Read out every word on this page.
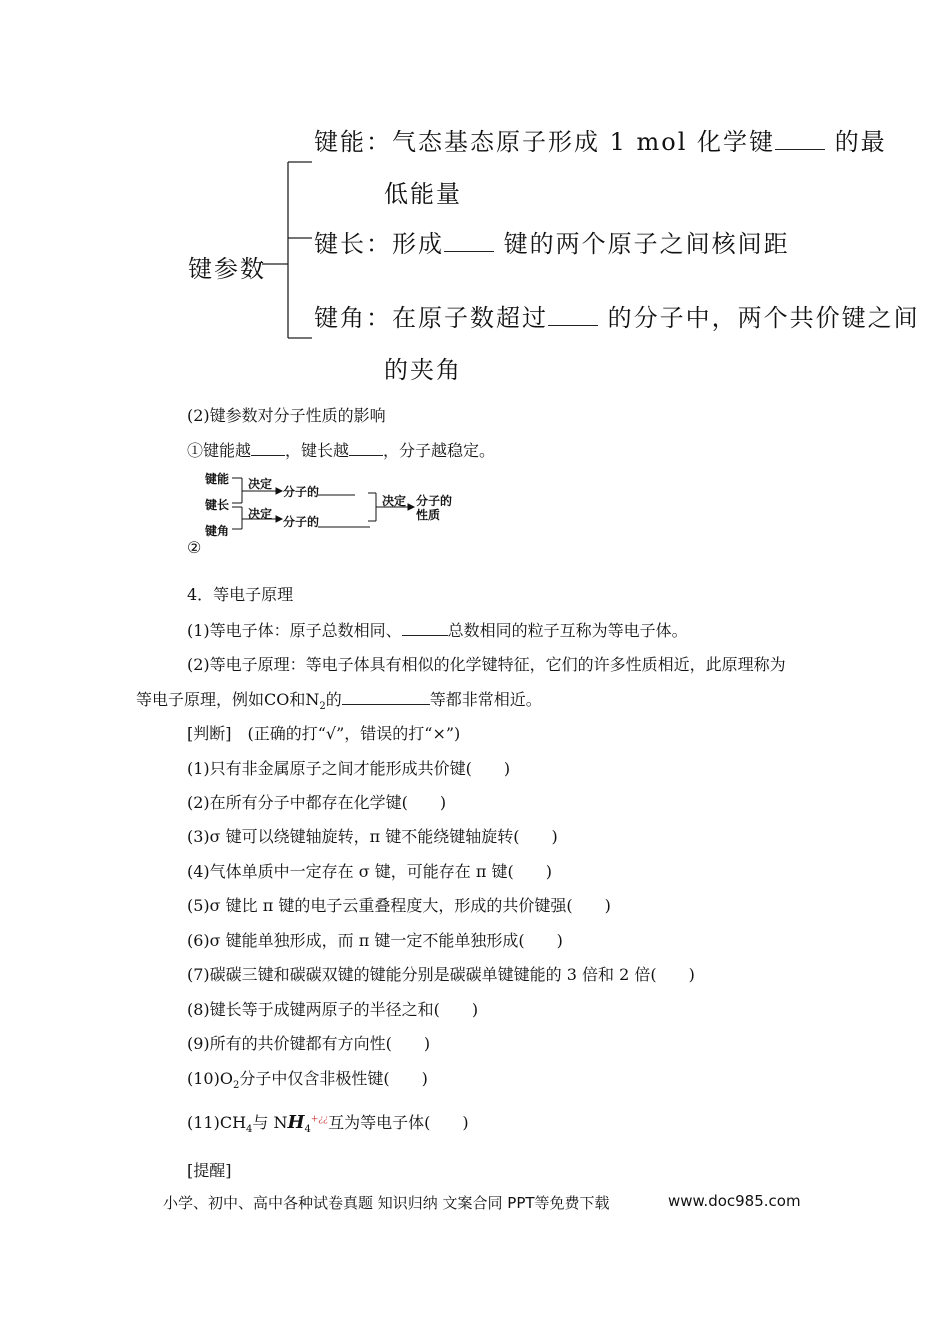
键参数
键能：气态基态原子形成 1 mol 化学键 的最
低能量
键长：形成 键的两个原子之间核间距
键角：在原子数超过 的分子中，两个共价键之间
的夹角
(2)键参数对分子性质的影响
①键能越 ，键长越 ，分子越稳定。
键能
键长
键角
决定
分子的
决定
分子的
决定 分子的
性质
②
4．等电子原理
(1)等电子体：原子总数相同、	总数相同的粒子互称为等电子体。
(2)等电子原理：等电子体具有相似的化学键特征，它们的许多性质相近，此原理称为
等电子原理，例如CO和$N_2$的	等都非常相近。
[判断]　(正确的打“√”，错误的打“×”)
(1)只有非金属原子之间才能形成共价键(　　)
(2)在所有分子中都存在化学键(　　)
(3)σ 键可以绕键轴旋转，π 键不能绕键轴旋转(　　)
(4)气体单质中一定存在 σ 键，可能存在 π 键(　　)
(5)σ 键比 π 键的电子云重叠程度大，形成的共价键强(　　)
(6)σ 键能单独形成，而 π 键一定不能单独形成(　　)
(7)碳碳三键和碳碳双键的键能分别是碳碳单键键能的 3 倍和 2 倍(　　)
(8)键长等于成键两原子的半径之和(　　)
(9)所有的共价键都有方向性(　　)
$(10)O_2$分子中仅含非极性键(　　)
$(11)CH_4$与 $NH_4^{+¿¿}$互为等电子体(　　)
[提醒]
小学、初中、高中各种试卷真题 知识归纳 文案合同 PPT等免费下载	www.doc985.com
